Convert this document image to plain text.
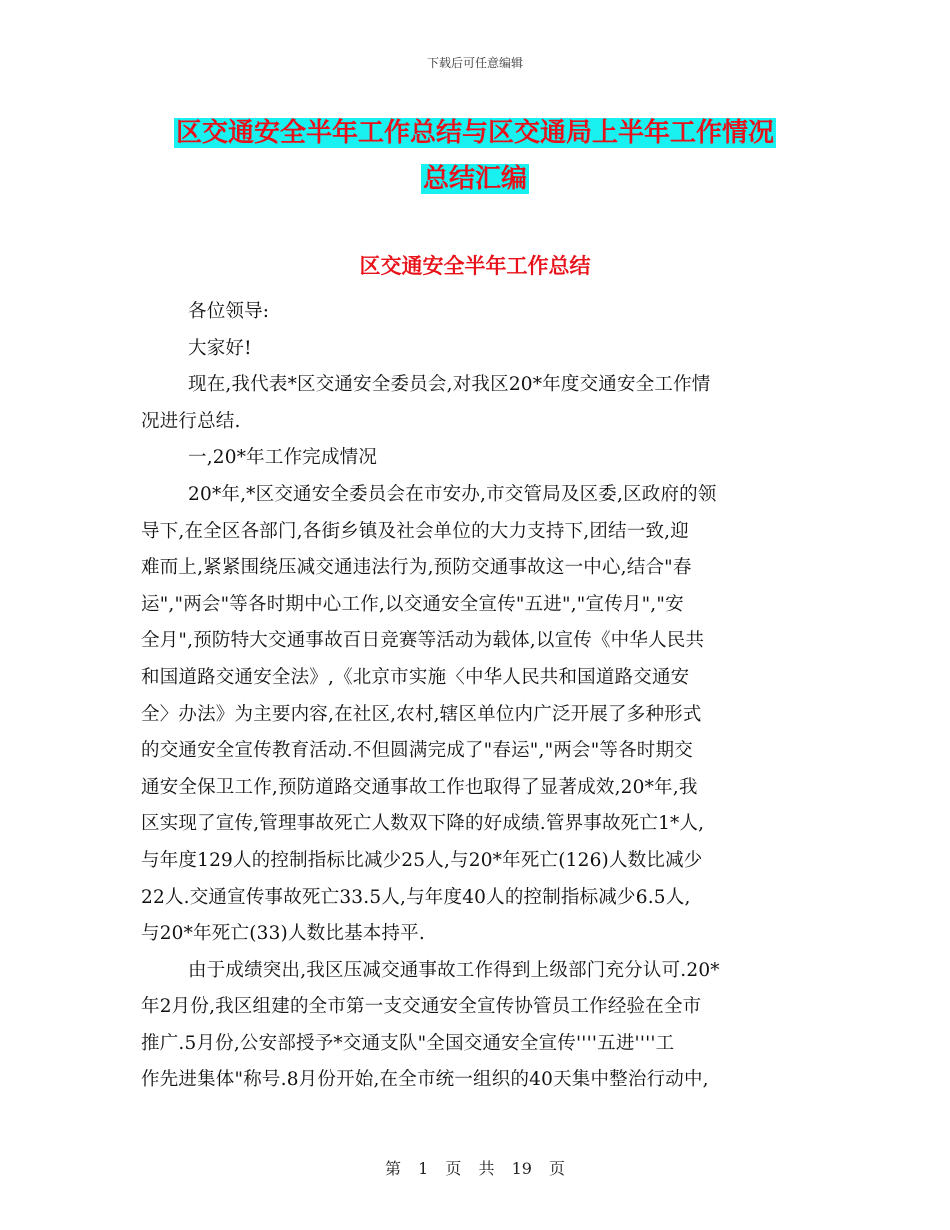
下载后可任意编辑
区交通安全半年工作总结与区交通局上半年工作情况
总结汇编
区交通安全半年工作总结
各位领导:
大家好!
现在,我代表*区交通安全委员会,对我区20*年度交通安全工作情
况进行总结.
一,20*年工作完成情况
20*年,*区交通安全委员会在市安办,市交管局及区委,区政府的领
导下,在全区各部门,各街乡镇及社会单位的大力支持下,团结一致,迎
难而上,紧紧围绕压减交通违法行为,预防交通事故这一中心,结合"春
运","两会"等各时期中心工作,以交通安全宣传"五进","宣传月","安
全月",预防特大交通事故百日竞赛等活动为载体,以宣传《中华人民共
和国道路交通安全法》,《北京市实施〈中华人民共和国道路交通安
全〉办法》为主要内容,在社区,农村,辖区单位内广泛开展了多种形式
的交通安全宣传教育活动.不但圆满完成了"春运","两会"等各时期交
通安全保卫工作,预防道路交通事故工作也取得了显著成效,20*年,我
区实现了宣传,管理事故死亡人数双下降的好成绩.管界事故死亡1*人,
与年度129人的控制指标比减少25人,与20*年死亡(126)人数比减少
22人.交通宣传事故死亡33.5人,与年度40人的控制指标减少6.5人,
与20*年死亡(33)人数比基本持平.
由于成绩突出,我区压减交通事故工作得到上级部门充分认可.20*
年2月份,我区组建的全市第一支交通安全宣传协管员工作经验在全市
推广.5月份,公安部授予*交通支队"全国交通安全宣传''''五进''''工
作先进集体"称号.8月份开始,在全市统一组织的40天集中整治行动中,
第 1 页 共 19 页
